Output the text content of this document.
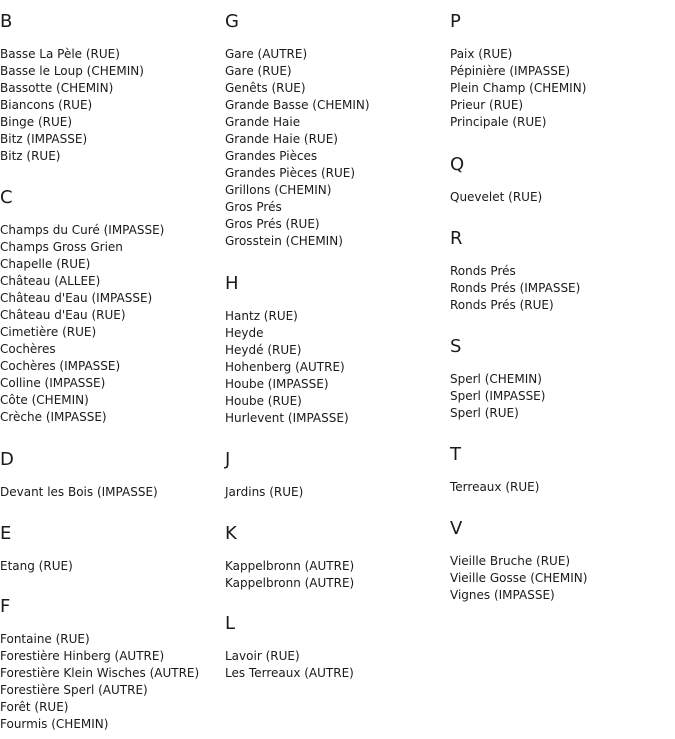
B
Basse La Pèle (RUE)
Basse le Loup (CHEMIN)
Bassotte (CHEMIN)
Biancons (RUE)
Binge (RUE)
Bitz (IMPASSE)
Bitz (RUE)
C
Champs du Curé (IMPASSE)
Champs Gross Grien
Chapelle (RUE)
Château (ALLEE)
Château d'Eau (IMPASSE)
Château d'Eau (RUE)
Cimetière (RUE)
Cochères
Cochères (IMPASSE)
Colline (IMPASSE)
Côte (CHEMIN)
Crèche (IMPASSE)
D
Devant les Bois (IMPASSE)
E
Etang (RUE)
F
Fontaine (RUE)
Forestière Hinberg (AUTRE)
Forestière Klein Wisches (AUTRE)
Forestière Sperl (AUTRE)
Forêt (RUE)
Fourmis (CHEMIN)
G
Gare (AUTRE)
Gare (RUE)
Genêts (RUE)
Grande Basse (CHEMIN)
Grande Haie
Grande Haie (RUE)
Grandes Pièces
Grandes Pièces (RUE)
Grillons (CHEMIN)
Gros Prés
Gros Prés (RUE)
Grosstein (CHEMIN)
H
Hantz (RUE)
Heyde
Heydé (RUE)
Hohenberg (AUTRE)
Hoube (IMPASSE)
Hoube (RUE)
Hurlevent (IMPASSE)
J
Jardins (RUE)
K
Kappelbronn (AUTRE)
Kappelbronn (AUTRE)
L
Lavoir (RUE)
Les Terreaux (AUTRE)
P
Paix (RUE)
Pépinière (IMPASSE)
Plein Champ (CHEMIN)
Prieur (RUE)
Principale (RUE)
Q
Quevelet (RUE)
R
Ronds Prés
Ronds Prés (IMPASSE)
Ronds Prés (RUE)
S
Sperl (CHEMIN)
Sperl (IMPASSE)
Sperl (RUE)
T
Terreaux (RUE)
V
Vieille Bruche (RUE)
Vieille Gosse (CHEMIN)
Vignes (IMPASSE)
